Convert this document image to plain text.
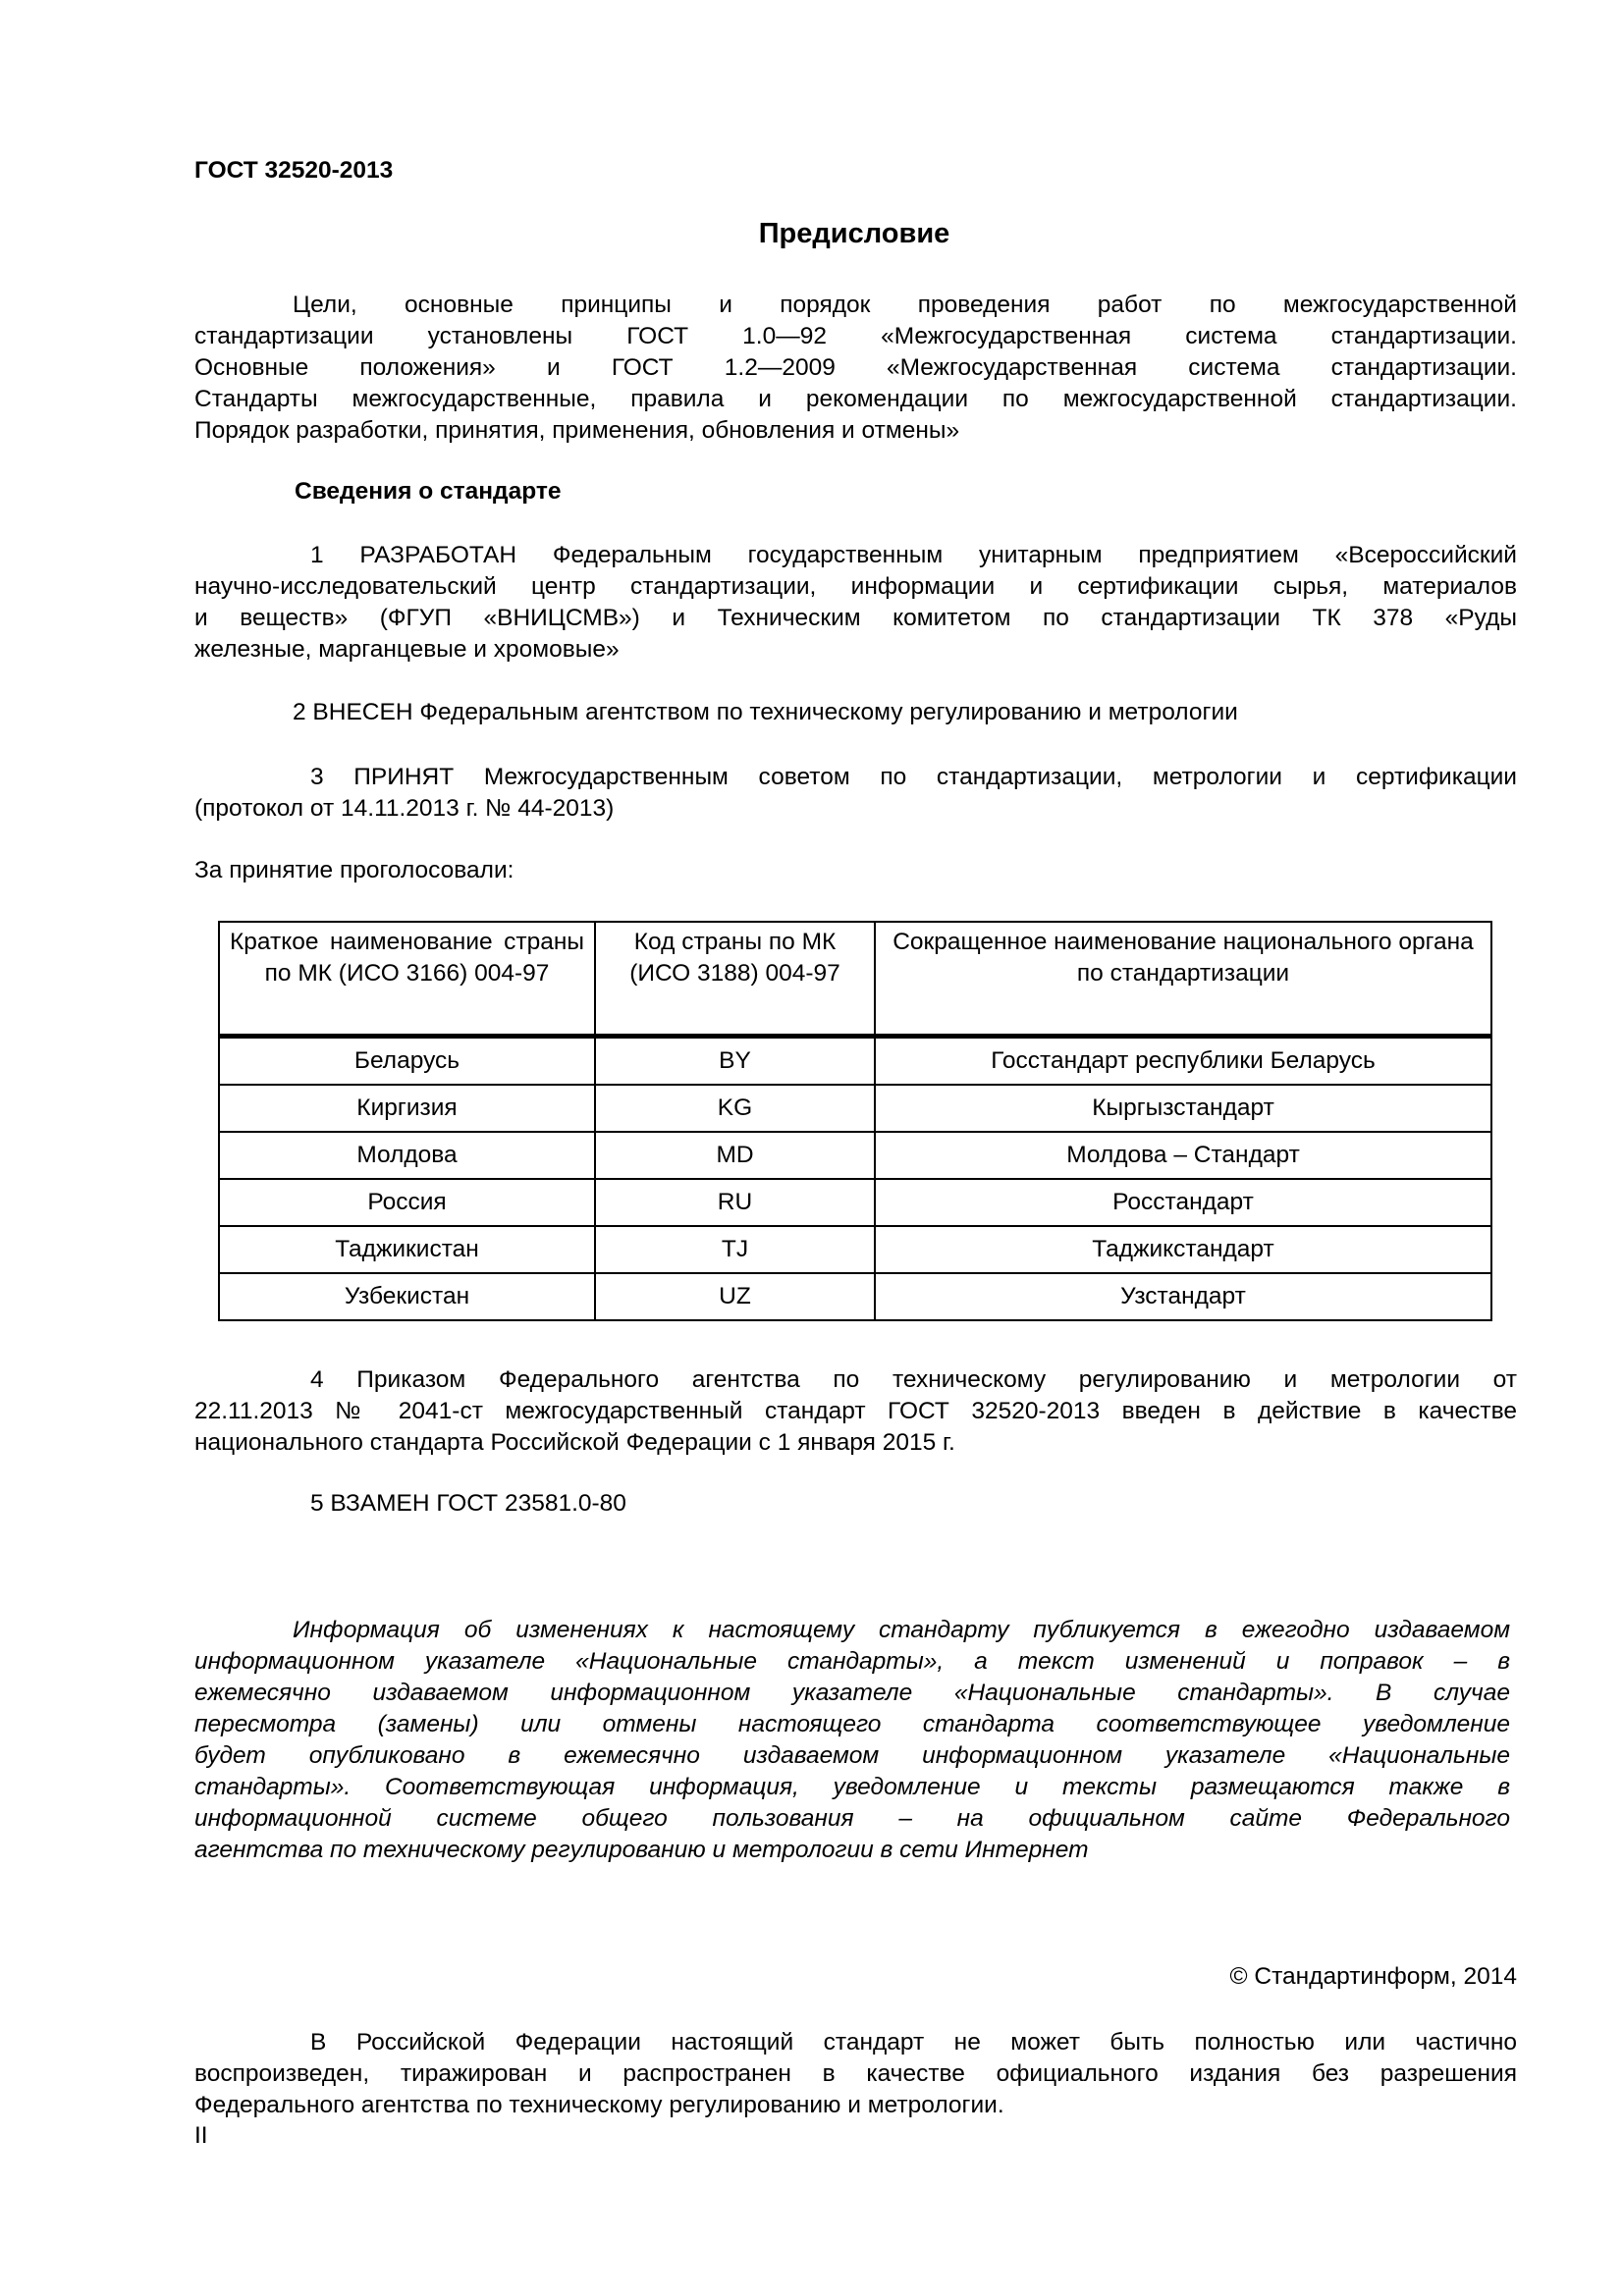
ГОСТ 32520-2013
Предисловие
Цели, основные принципы и порядок проведения работ по межгосударственной
стандартизации установлены ГОСТ 1.0—92 «Межгосударственная система стандартизации.
Основные положения» и ГОСТ 1.2—2009 «Межгосударственная система стандартизации.
Стандарты межгосударственные, правила и рекомендации по межгосударственной стандартизации.
Порядок разработки, принятия, применения, обновления и отмены»
Сведения о стандарте
1 РАЗРАБОТАН Федеральным государственным унитарным предприятием «Всероссийский
научно-исследовательский центр стандартизации, информации и сертификации сырья, материалов
и веществ» (ФГУП «ВНИЦСМВ») и Техническим комитетом по стандартизации ТК 378 «Руды
железные, марганцевые и хромовые»
2 ВНЕСЕН Федеральным агентством по техническому регулированию и метрологии
3 ПРИНЯТ Межгосударственным советом по стандартизации, метрологии и сертификации
(протокол от 14.11.2013 г. № 44-2013)
За принятие проголосовали:
Краткое наименование страны по МК (ИСО 3166) 004-97	Код страны по МК (ИСО 3188) 004-97	Сокращенное наименование национального органа по стандартизации
Беларусь	BY	Госстандарт республики Беларусь
Киргизия	KG	Кыргызстандарт
Молдова	MD	Молдова – Стандарт
Россия	RU	Росстандарт
Таджикистан	TJ	Таджикстандарт
Узбекистан	UZ	Узстандарт
4 Приказом Федерального агентства по техническому регулированию и метрологии от
22.11.2013 № 2041-ст межгосударственный стандарт ГОСТ 32520-2013 введен в действие в качестве
национального стандарта Российской Федерации с 1 января 2015 г.
5 ВЗАМЕН ГОСТ 23581.0-80
Информация об изменениях к настоящему стандарту публикуется в ежегодно издаваемом
информационном указателе «Национальные стандарты», а текст изменений и поправок – в
ежемесячно издаваемом информационном указателе «Национальные стандарты». В случае
пересмотра (замены) или отмены настоящего стандарта соответствующее уведомление
будет опубликовано в ежемесячно издаваемом информационном указателе «Национальные
стандарты». Соответствующая информация, уведомление и тексты размещаются также в
информационной системе общего пользования – на официальном сайте Федерального
агентства по техническому регулированию и метрологии в сети Интернет
© Стандартинформ, 2014
В Российской Федерации настоящий стандарт не может быть полностью или частично
воспроизведен, тиражирован и распространен в качестве официального издания без разрешения
Федерального агентства по техническому регулированию и метрологии.
II
